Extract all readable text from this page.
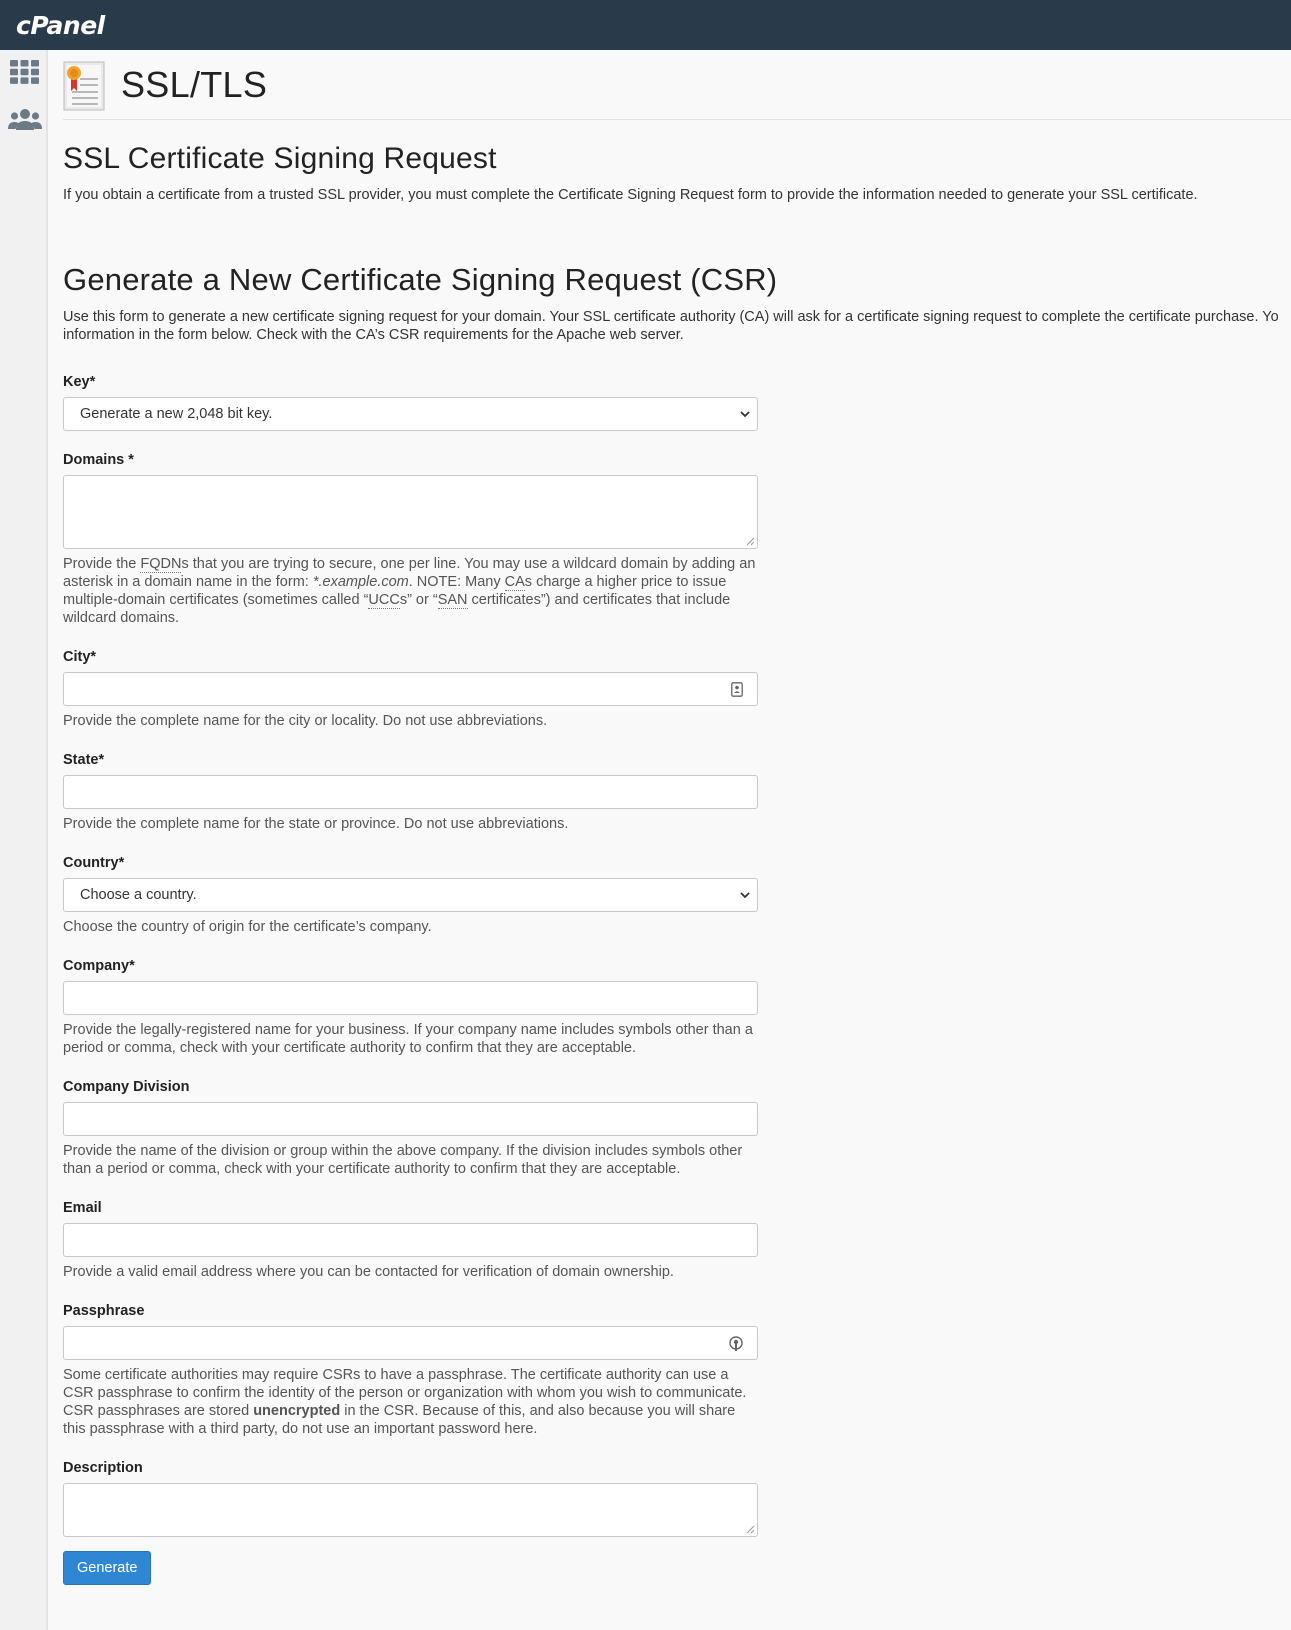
cPanel
SSL/TLS
SSL Certificate Signing Request

If you obtain a certificate from a trusted SSL provider, you must complete the Certificate Signing Request form to provide the information needed to generate your SSL certificate.

Generate a New Certificate Signing Request (CSR)

Use this form to generate a new certificate signing request for your domain. Your SSL certificate authority (CA) will ask for a certificate signing request to complete the certificate purchase. Yo
information in the form below. Check with the CA’s CSR requirements for the Apache web server.

Key*
Generate a new 2,048 bit key.
Domains *

Provide the FQDNs that you are trying to secure, one per line. You may use a wildcard domain by adding an asterisk in a domain name in the form: *.example.com. NOTE: Many CAs charge a higher price to issue multiple-domain certificates (sometimes called “UCCs” or “SAN certificates”) and certificates that include wildcard domains.

City*

Provide the complete name for the city or locality. Do not use abbreviations.

State*

Provide the complete name for the state or province. Do not use abbreviations.

Country*
Choose a country.

Choose the country of origin for the certificate’s company.

Company*

Provide the legally-registered name for your business. If your company name includes symbols other than a period or comma, check with your certificate authority to confirm that they are acceptable.

Company Division

Provide the name of the division or group within the above company. If the division includes symbols other than a period or comma, check with your certificate authority to confirm that they are acceptable.

Email

Provide a valid email address where you can be contacted for verification of domain ownership.

Passphrase

Some certificate authorities may require CSRs to have a passphrase. The certificate authority can use a CSR passphrase to confirm the identity of the person or organization with whom you wish to communicate. CSR passphrases are stored unencrypted in the CSR. Because of this, and also because you will share this passphrase with a third party, do not use an important password here.

Description
Generate
